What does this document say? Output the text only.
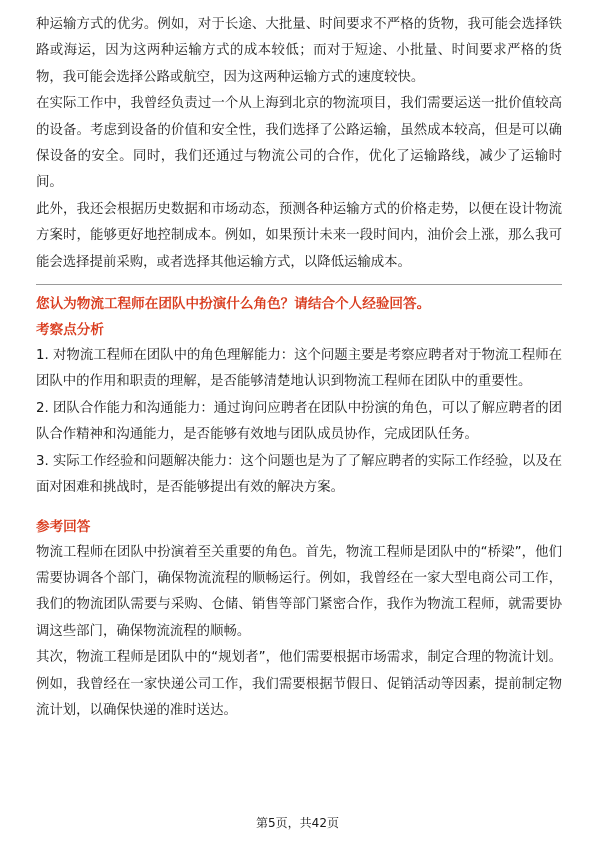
种运输方式的优劣。例如，对于长途、大批量、时间要求不严格的货物，我可能会选择铁路或海运，因为这两种运输方式的成本较低；而对于短途、小批量、时间要求严格的货物，我可能会选择公路或航空，因为这两种运输方式的速度较快。

在实际工作中，我曾经负责过一个从上海到北京的物流项目，我们需要运送一批价值较高的设备。考虑到设备的价值和安全性，我们选择了公路运输，虽然成本较高，但是可以确保设备的安全。同时，我们还通过与物流公司的合作，优化了运输路线，减少了运输时间。

此外，我还会根据历史数据和市场动态，预测各种运输方式的价格走势，以便在设计物流方案时，能够更好地控制成本。例如，如果预计未来一段时间内，油价会上涨，那么我可能会选择提前采购，或者选择其他运输方式，以降低运输成本。

您认为物流工程师在团队中扮演什么角色？请结合个人经验回答。

考察点分析

1. 对物流工程师在团队中的角色理解能力：这个问题主要是考察应聘者对于物流工程师在团队中的作用和职责的理解，是否能够清楚地认识到物流工程师在团队中的重要性。

2. 团队合作能力和沟通能力：通过询问应聘者在团队中扮演的角色，可以了解应聘者的团队合作精神和沟通能力，是否能够有效地与团队成员协作，完成团队任务。

3. 实际工作经验和问题解决能力：这个问题也是为了了解应聘者的实际工作经验，以及在面对困难和挑战时，是否能够提出有效的解决方案。

参考回答

物流工程师在团队中扮演着至关重要的角色。首先，物流工程师是团队中的“桥梁”，他们需要协调各个部门，确保物流流程的顺畅运行。例如，我曾经在一家大型电商公司工作，我们的物流团队需要与采购、仓储、销售等部门紧密合作，我作为物流工程师，就需要协调这些部门，确保物流流程的顺畅。

其次，物流工程师是团队中的“规划者”，他们需要根据市场需求，制定合理的物流计划。例如，我曾经在一家快递公司工作，我们需要根据节假日、促销活动等因素，提前制定物流计划，以确保快递的准时送达。

第5页，共42页
